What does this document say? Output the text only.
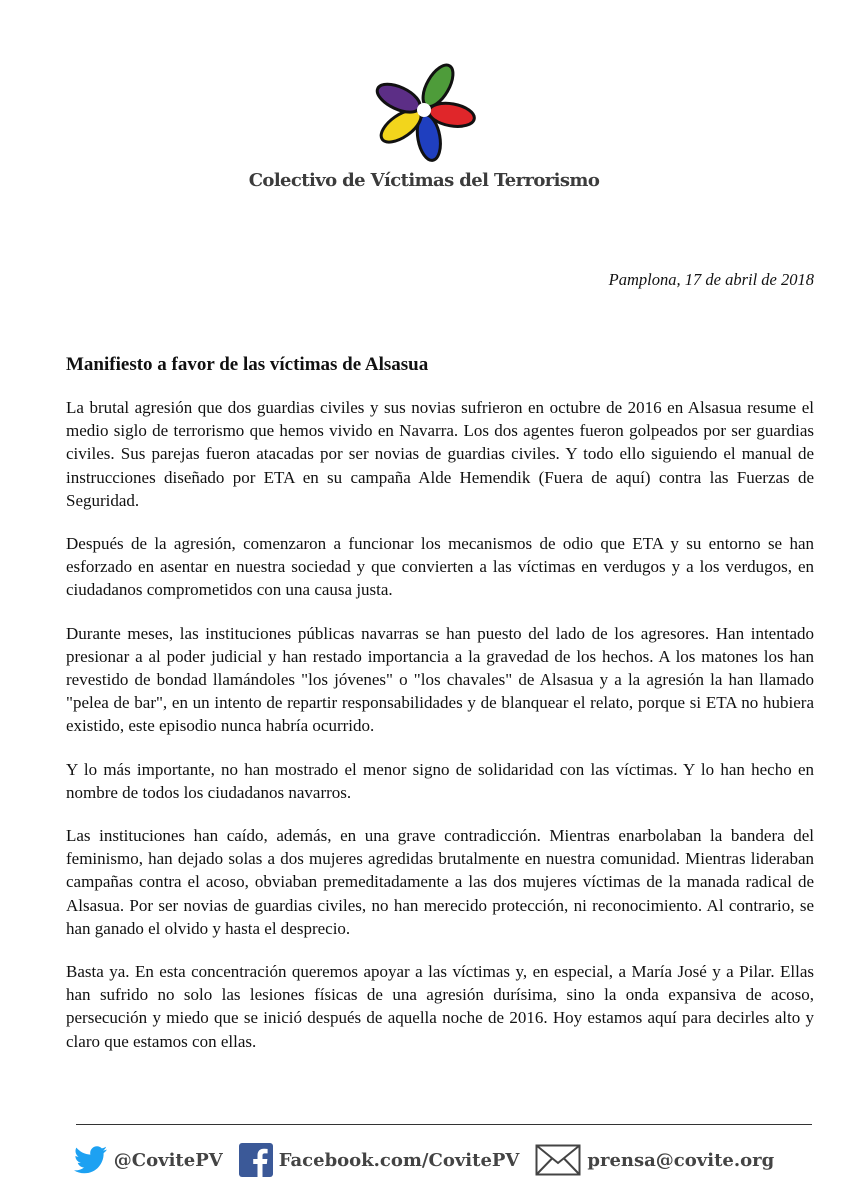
Colectivo de Víctimas del Terrorismo
Pamplona, 17 de abril de 2018
Manifiesto a favor de las víctimas de Alsasua

La brutal agresión que dos guardias civiles y sus novias sufrieron en octubre de 2016 en Alsasua resume el medio siglo de terrorismo que hemos vivido en Navarra. Los dos agentes fueron golpeados por ser guardias civiles. Sus parejas fueron atacadas por ser novias de guardias civiles. Y todo ello siguiendo el manual de instrucciones diseñado por ETA en su campaña Alde Hemendik (Fuera de aquí) contra las Fuerzas de Seguridad.

Después de la agresión, comenzaron a funcionar los mecanismos de odio que ETA y su entorno se han esforzado en asentar en nuestra sociedad y que convierten a las víctimas en verdugos y a los verdugos, en ciudadanos comprometidos con una causa justa.

Durante meses, las instituciones públicas navarras se han puesto del lado de los agresores. Han intentado presionar a al poder judicial y han restado importancia a la gravedad de los hechos. A los matones los han revestido de bondad llamándoles "los jóvenes" o "los chavales" de Alsasua y a la agresión la han llamado "pelea de bar", en un intento de repartir responsabilidades y de blanquear el relato, porque si ETA no hubiera existido, este episodio nunca habría ocurrido.

Y lo más importante, no han mostrado el menor signo de solidaridad con las víctimas. Y lo han hecho en nombre de todos los ciudadanos navarros.

Las instituciones han caído, además, en una grave contradicción. Mientras enarbolaban la bandera del feminismo, han dejado solas a dos mujeres agredidas brutalmente en nuestra comunidad. Mientras lideraban campañas contra el acoso, obviaban premeditadamente a las dos mujeres víctimas de la manada radical de Alsasua. Por ser novias de guardias civiles, no han merecido protección, ni reconocimiento. Al contrario, se han ganado el olvido y hasta el desprecio.

Basta ya. En esta concentración queremos apoyar a las víctimas y, en especial, a María José y a Pilar. Ellas han sufrido no solo las lesiones físicas de una agresión durísima, sino la onda expansiva de acoso, persecución y miedo que se inició después de aquella noche de 2016. Hoy estamos aquí para decirles alto y claro que estamos con ellas.

@CovitePV	Facebook.com/CovitePV	prensa@covite.org
